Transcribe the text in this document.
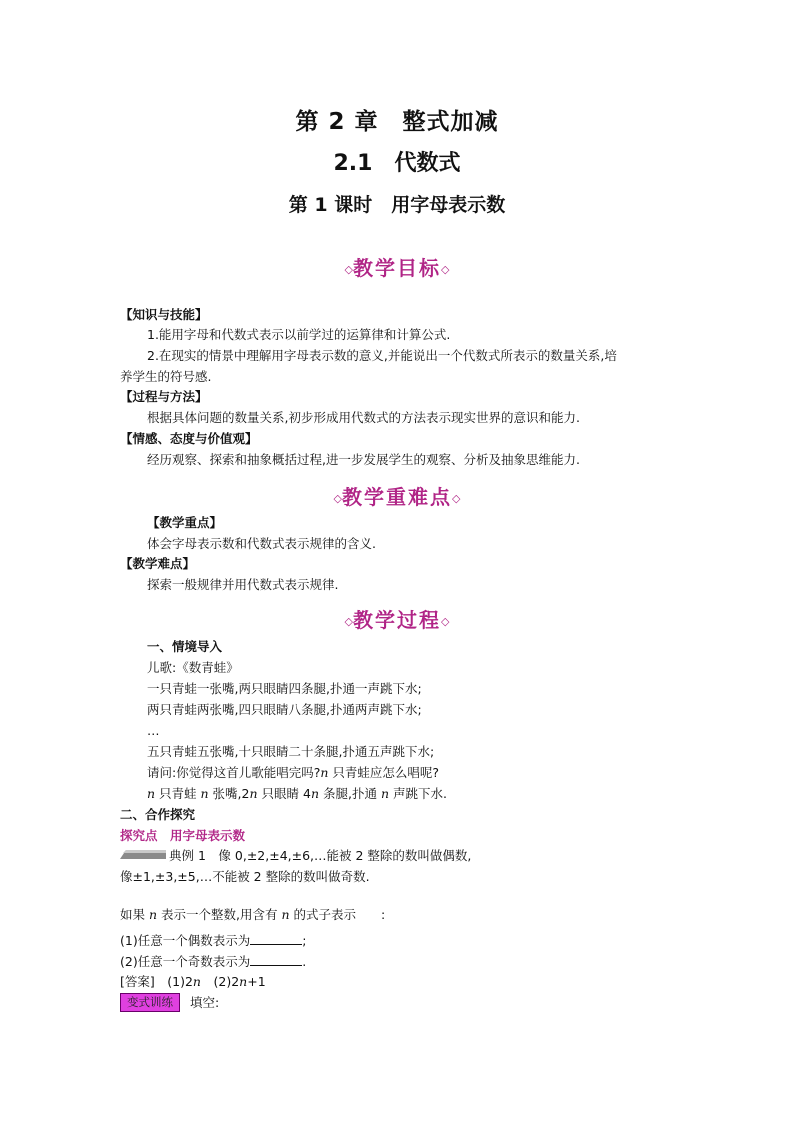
第 2 章　整式加减
2.1　代数式
第 1 课时　用字母表示数
◇教学目标◇
【知识与技能】
1.能用字母和代数式表示以前学过的运算律和计算公式.
2.在现实的情景中理解用字母表示数的意义,并能说出一个代数式所表示的数量关系,培
养学生的符号感.
【过程与方法】
根据具体问题的数量关系,初步形成用代数式的方法表示现实世界的意识和能力.
【情感、态度与价值观】
经历观察、探索和抽象概括过程,进一步发展学生的观察、分析及抽象思维能力.
◇教学重难点◇
【教学重点】
体会字母表示数和代数式表示规律的含义.
【教学难点】
探索一般规律并用代数式表示规律.
◇教学过程◇
一、情境导入
儿歌:《数青蛙》
一只青蛙一张嘴,两只眼睛四条腿,扑通一声跳下水;
两只青蛙两张嘴,四只眼睛八条腿,扑通两声跳下水;
…
五只青蛙五张嘴,十只眼睛二十条腿,扑通五声跳下水;
请问:你觉得这首儿歌能唱完吗?n 只青蛙应怎么唱呢?
n 只青蛙 n 张嘴,2n 只眼睛 4n 条腿,扑通 n 声跳下水.
二、合作探究
探究点　用字母表示数
典例 1　像 0,±2,±4,±6,…能被 2 整除的数叫做偶数,
像±1,±3,±5,…不能被 2 整除的数叫做奇数.
如果 n 表示一个整数,用含有 n 的式子表示　　:
(1)任意一个偶数表示为	;
(2)任意一个奇数表示为	.
[答案]　(1)2n　(2)2n+1
变式训练	填空:
